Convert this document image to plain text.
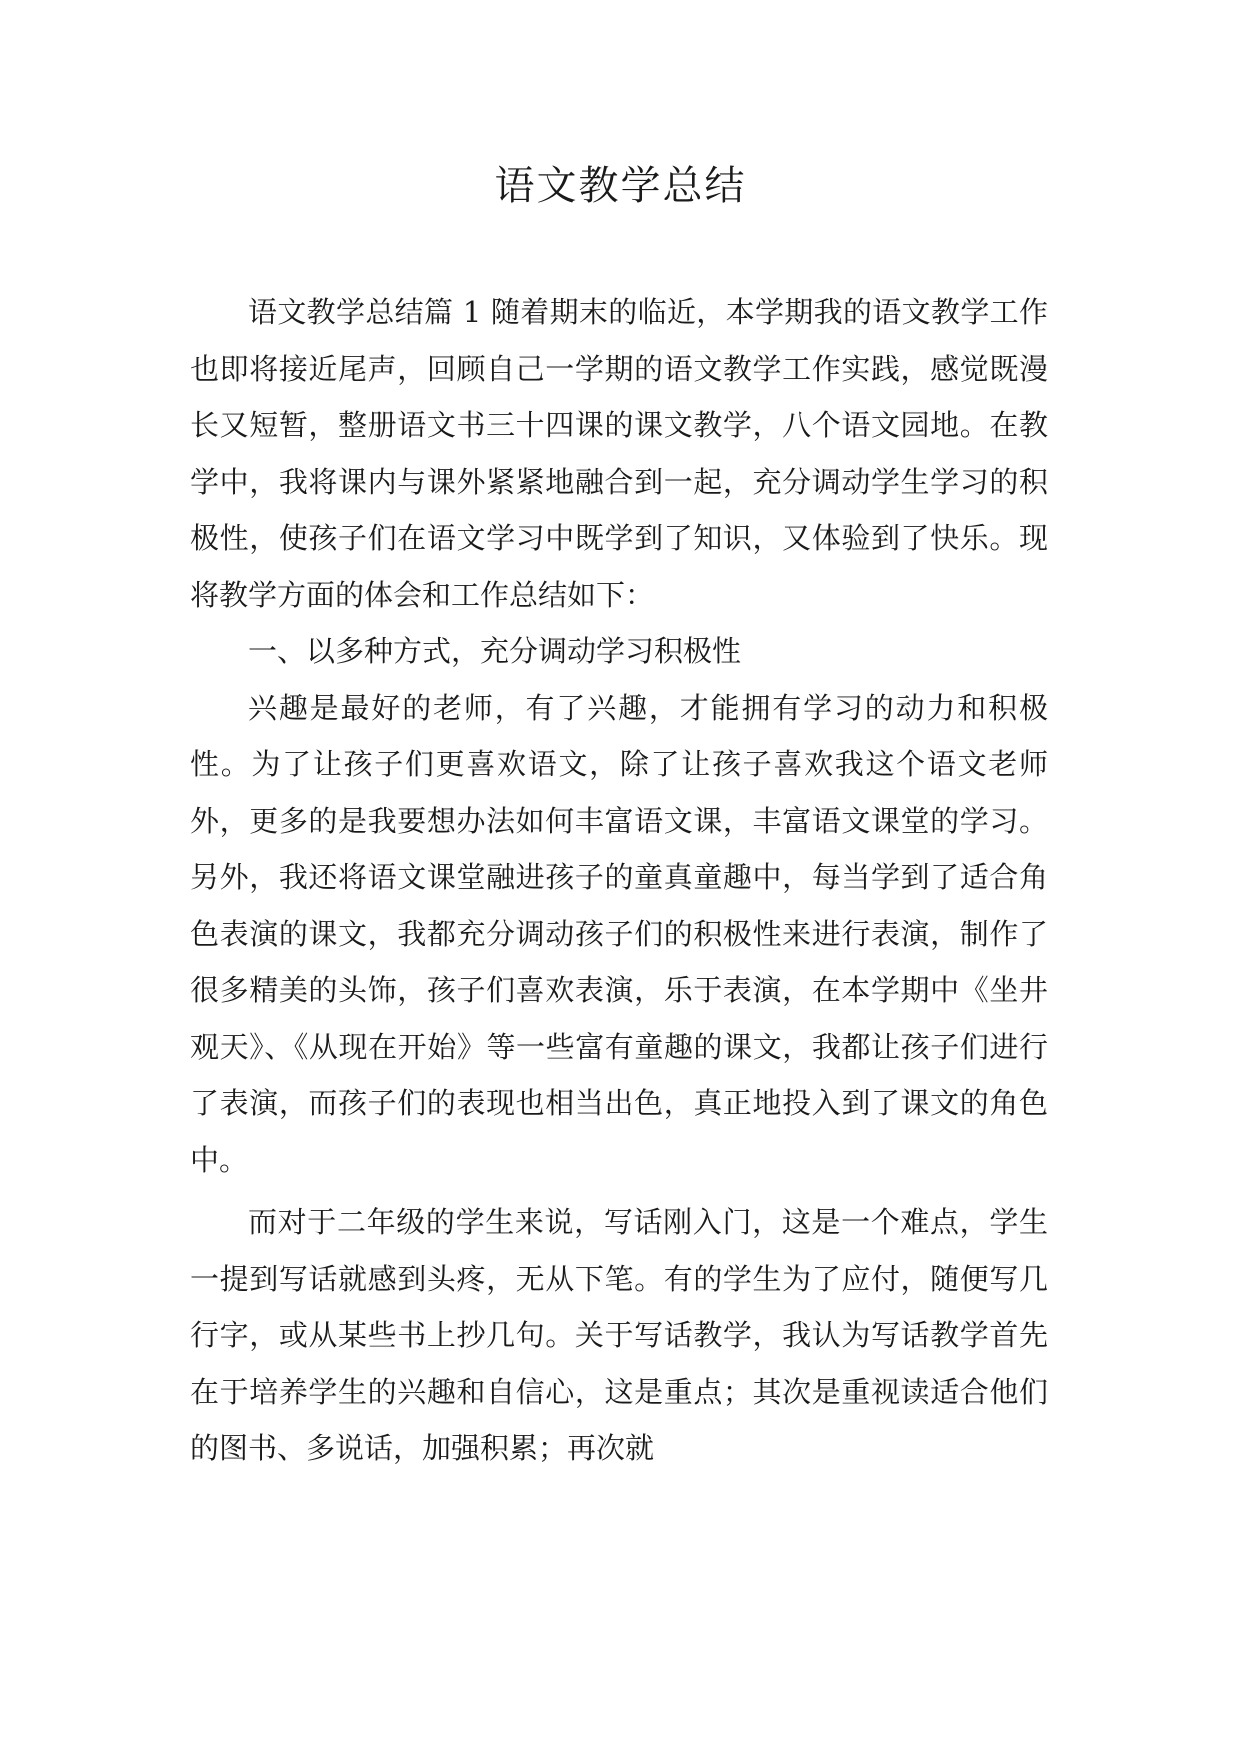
语文教学总结

语文教学总结篇 1 随着期末的临近，本学期我的语文教学工作也即将接近尾声，回顾自己一学期的语文教学工作实践，感觉既漫长又短暂，整册语文书三十四课的课文教学，八个语文园地。在教学中，我将课内与课外紧紧地融合到一起，充分调动学生学习的积极性，使孩子们在语文学习中既学到了知识，又体验到了快乐。现将教学方面的体会和工作总结如下：

一、以多种方式，充分调动学习积极性

兴趣是最好的老师，有了兴趣，才能拥有学习的动力和积极性。为了让孩子们更喜欢语文，除了让孩子喜欢我这个语文老师外，更多的是我要想办法如何丰富语文课，丰富语文课堂的学习。另外，我还将语文课堂融进孩子的童真童趣中，每当学到了适合角色表演的课文，我都充分调动孩子们的积极性来进行表演，制作了很多精美的头饰，孩子们喜欢表演，乐于表演，在本学期中《坐井观天》、《从现在开始》等一些富有童趣的课文，我都让孩子们进行了表演，而孩子们的表现也相当出色，真正地投入到了课文的角色中。

而对于二年级的学生来说，写话刚入门，这是一个难点，学生一提到写话就感到头疼，无从下笔。有的学生为了应付，随便写几行字，或从某些书上抄几句。关于写话教学，我认为写话教学首先在于培养学生的兴趣和自信心，这是重点；其次是重视读适合他们的图书、多说话，加强积累；再次就
